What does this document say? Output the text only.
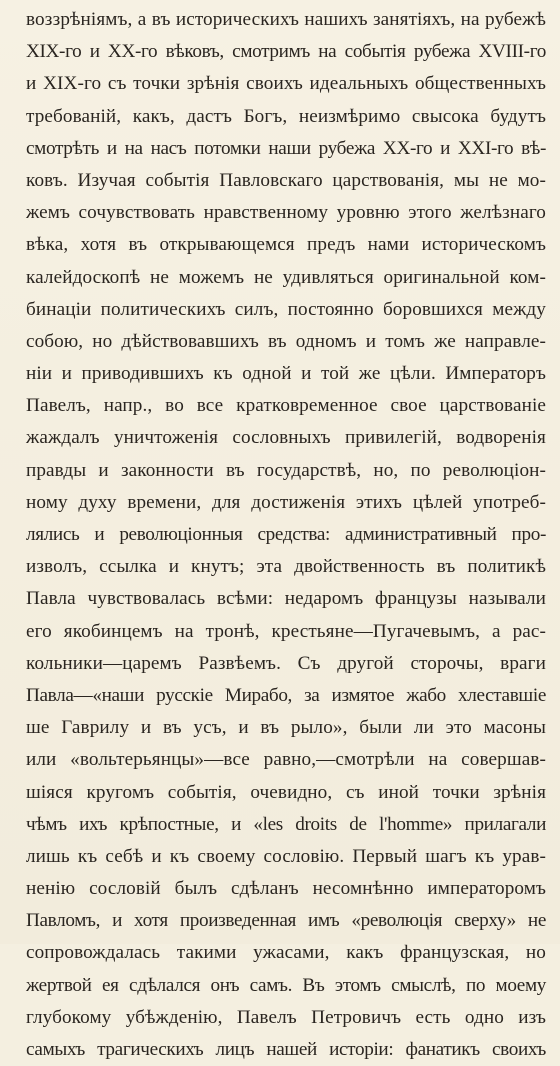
воззрѣніямъ, а въ историческихъ нашихъ занятіяхъ, на рубежѣ
XIX-го и XX-го вѣковъ, смотримъ на событія рубежа XVIII-го
и XIX-го съ точки зрѣнія своихъ идеальныхъ общественныхъ
требованій, какъ, дастъ Богъ, неизмѣримо свысока будутъ
смотрѣть и на насъ потомки наши рубежа XX-го и XXI-го вѣ-
ковъ. Изучая событія Павловскаго царствованія, мы не мо-
жемъ сочувствовать нравственному уровню этого желѣзнаго
вѣка, хотя въ открывающемся предъ нами историческомъ
калейдоскопѣ не можемъ не удивляться оригинальной ком-
бинаціи политическихъ силъ, постоянно боровшихся между
собою, но дѣйствовавшихъ въ одномъ и томъ же направле-
ніи и приводившихъ къ одной и той же цѣли. Императоръ
Павелъ, напр., во все кратковременное свое царствованіе
жаждалъ уничтоженія сословныхъ привилегій, водворенія
правды и законности въ государствѣ, но, по революціон-
ному духу времени, для достиженія этихъ цѣлей употреб-
лялись и революціонныя средства: административный про-
изволъ, ссылка и кнутъ; эта двойственность въ политикѣ
Павла чувствовалась всѣми: недаромъ французы называли
его якобинцемъ на тронѣ, крестьяне—Пугачевымъ, а рас-
кольники—царемъ Развѣемъ. Съ другой сторочы, враги
Павла—«наши русскіе Мирабо, за измятое жабо хлеставшіе
ше Гаврилу и въ усъ, и въ рыло», были ли это масоны
или «вольтерьянцы»—все равно,—смотрѣли на совершав-
шіяся кругомъ событія, очевидно, съ иной точки зрѣнія
чѣмъ ихъ крѣпостные, и «les droits de l'homme» прилагали
лишь къ себѣ и къ своему сословію. Первый шагъ къ урав-
ненію сословій былъ сдѣланъ несомнѣнно императоромъ
Павломъ, и хотя произведенная имъ «революція сверху» не
сопровождалась такими ужасами, какъ французская, но
жертвой ея сдѣлался онъ самъ. Въ этомъ смыслѣ, по моему
глубокому убѣжденію, Павелъ Петровичъ есть одно изъ
самыхъ трагическихъ лицъ нашей исторіи: фанатикъ своихъ
